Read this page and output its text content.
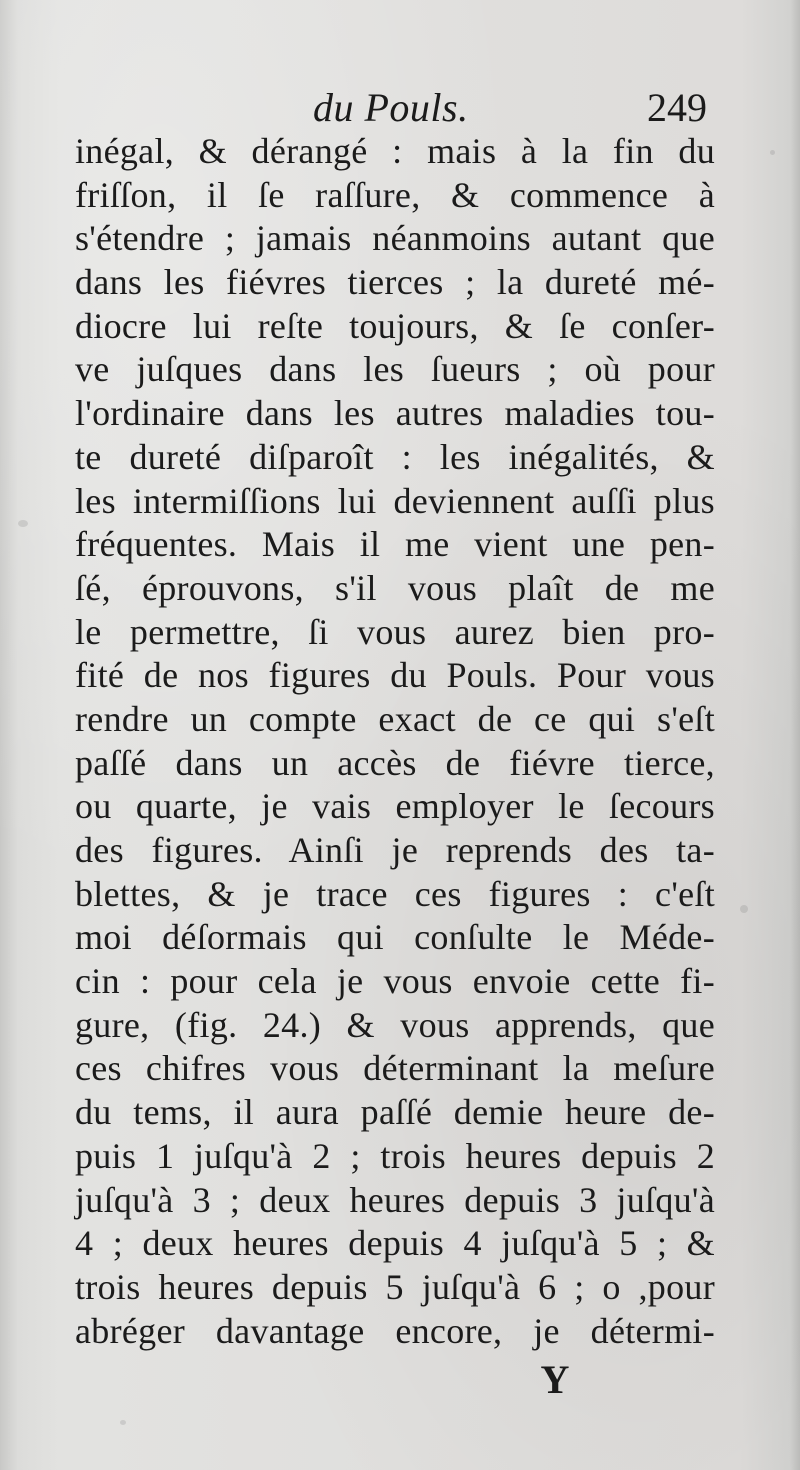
du Pouls.	249
inégal, & dérangé : mais à la fin du
friſſon, il ſe raſſure, & commence à
s'étendre ; jamais néanmoins autant que
dans les fiévres tierces ; la dureté mé-
diocre lui reſte toujours, & ſe conſer-
ve juſques dans les ſueurs ; où pour
l'ordinaire dans les autres maladies tou-
te dureté diſparoît : les inégalités, &
les intermiſſions lui deviennent auſſi plus
fréquentes. Mais il me vient une pen-
ſé, éprouvons, s'il vous plaît de me
le permettre, ſi vous aurez bien pro-
fité de nos figures du Pouls. Pour vous
rendre un compte exact de ce qui s'eſt
paſſé dans un accès de fiévre tierce,
ou quarte, je vais employer le ſecours
des figures. Ainſi je reprends des ta-
blettes, & je trace ces figures : c'eſt
moi déſormais qui conſulte le Méde-
cin : pour cela je vous envoie cette fi-
gure, (fig. 24.) & vous apprends, que
ces chifres vous déterminant la meſure
du tems, il aura paſſé demie heure de-
puis 1 juſqu'à 2 ; trois heures depuis 2
juſqu'à 3 ; deux heures depuis 3 juſqu'à
4 ; deux heures depuis 4 juſqu'à 5 ; &
trois heures depuis 5 juſqu'à 6 ; o ,pour
abréger davantage encore, je détermi-
Y
